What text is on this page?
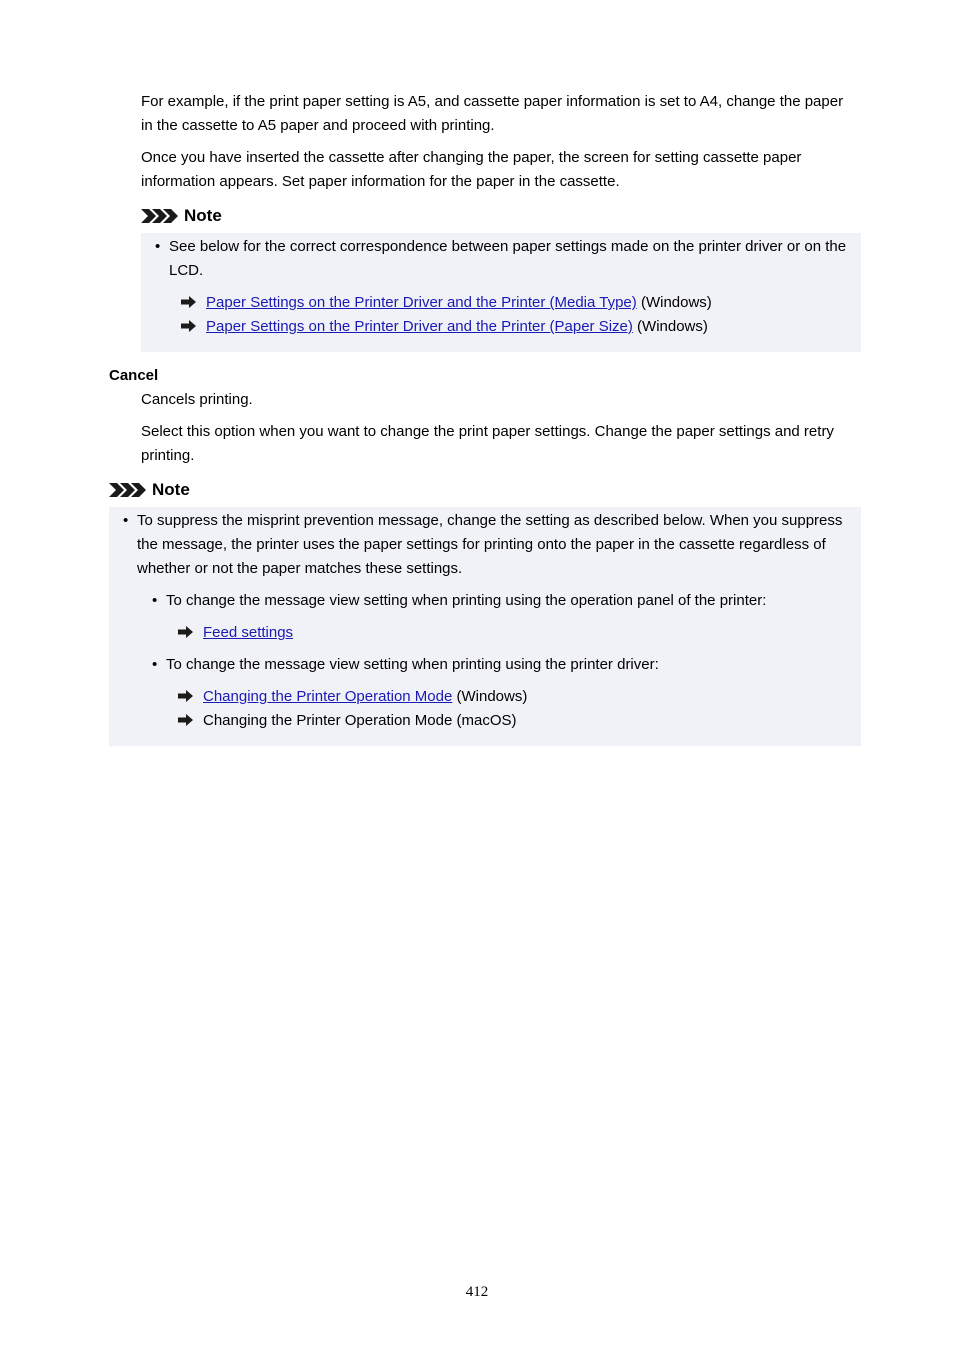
For example, if the print paper setting is A5, and cassette paper information is set to A4, change the paper in the cassette to A5 paper and proceed with printing.

Once you have inserted the cassette after changing the paper, the screen for setting cassette paper information appears. Set paper information for the paper in the cassette.

Note
• See below for the correct correspondence between paper settings made on the printer driver or on the LCD.

Paper Settings on the Printer Driver and the Printer (Media Type) (Windows)
Paper Settings on the Printer Driver and the Printer (Paper Size) (Windows)
Cancel

Cancels printing.

Select this option when you want to change the print paper settings. Change the paper settings and retry printing.

Note
• To suppress the misprint prevention message, change the setting as described below. When you suppress the message, the printer uses the paper settings for printing onto the paper in the cassette regardless of whether or not the paper matches these settings.

• To change the message view setting when printing using the operation panel of the printer:

Feed settings
• To change the message view setting when printing using the printer driver:

Changing the Printer Operation Mode (Windows)
Changing the Printer Operation Mode (macOS)
412
